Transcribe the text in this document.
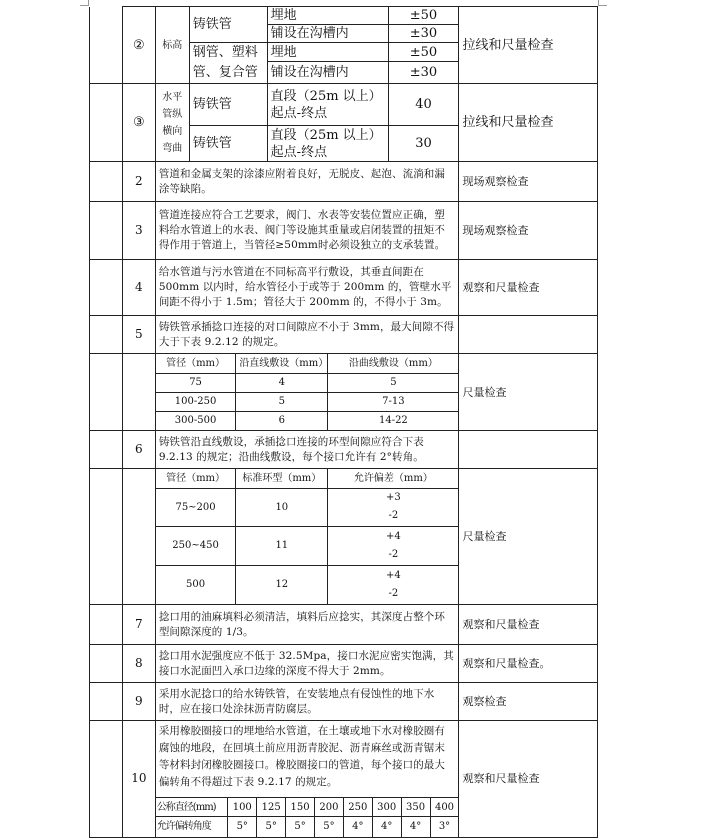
	②	标高	铸铁管	埋地	±50	拉线和尺量检查
铺设在沟槽内	±30
钢管、塑料管、复合管	埋地	±50
铺设在沟槽内	±30
	③	水平管纵横向弯曲	铸铁管	直段（25m 以上）起点-终点	40	拉线和尺量检查
铸铁管	直段（25m 以上）起点-终点	30
	2	管道和金属支架的涂漆应附着良好，无脱皮、起泡、流淌和漏涂等缺陷。	现场观察检查
	3	管道连接应符合工艺要求，阀门、水表等安装位置应正确，塑料给水管道上的水表、阀门等设施其重量或启闭装置的扭矩不得作用于管道上，当管径≥50mm时必须设独立的支承装置。	现场观察检查
	4	给水管道与污水管道在不同标高平行敷设，其垂直间距在 500mm 以内时，给水管径小于或等于 200mm 的，管壁水平间距不得小于 1.5m；管径大于 200mm 的，不得小于 3m。	观察和尺量检查
	5	铸铁管承插捻口连接的对口间隙应不小于 3mm，最大间隙不得大于下表 9.2.12 的规定。	

管径（mm）	沿直线敷设（mm）	沿曲线敷设（mm）
75	4	5
100-250	5	7-13
300-500	6	14-22
	尺量检查
	6	铸铁管沿直线敷设，承插捻口连接的环型间隙应符合下表 9.2.13 的规定；沿曲线敷设，每个接口允许有 2°转角。	

管径（mm）	标准环型（mm）	允许偏差（mm）
75~200	10	+3
-2
250~450	11	+4
-2
500	12	+4
-2
	尺量检查
	7	捻口用的油麻填料必须清洁，填料后应捻实，其深度占整个环型间隙深度的 1/3。	观察和尺量检查
	8	捻口用水泥强度应不低于 32.5Mpa，接口水泥应密实饱满，其接口水泥面凹入承口边缘的深度不得大于 2mm。	观察和尺量检查。
	9	采用水泥捻口的给水铸铁管，在安装地点有侵蚀性的地下水时，应在接口处涂抹沥青防腐层。	观察检查
	10	
采用橡胶圈接口的埋地给水管道，在土壤或地下水对橡胶圈有腐蚀的地段，在回填土前应用沥青胶泥、沥青麻丝或沥青锯末等材料封闭橡胶圈接口。橡胶圈接口的管道，每个接口的最大偏转角不得超过下表 9.2.17 的规定。
公称直径(mm)	100	125	150	200	250	300	350	400
允许偏转角度	5°	5°	5°	5°	4°	4°	4°	3°
	观察和尺量检查
